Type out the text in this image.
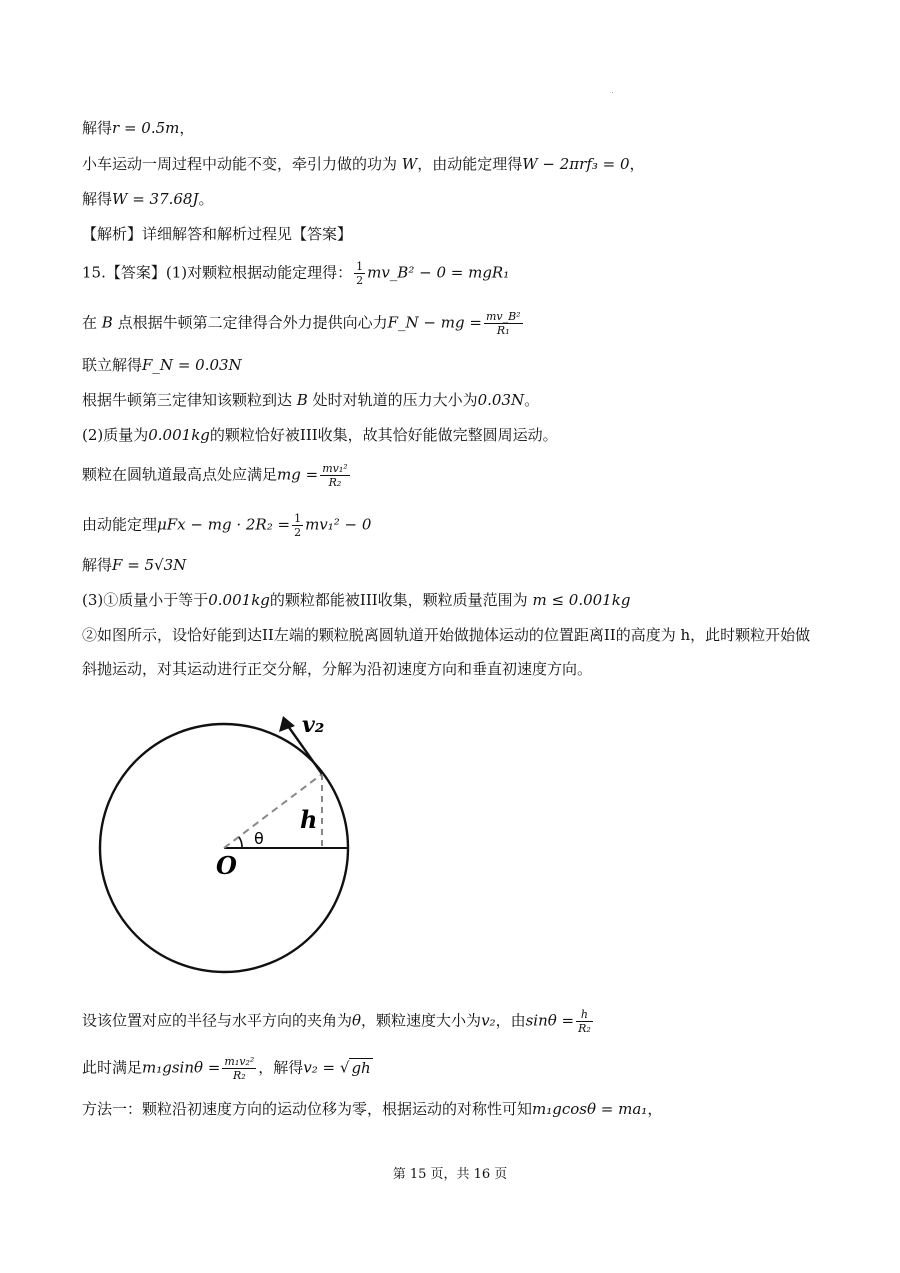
解得r = 0.5m，
小车运动一周过程中动能不变，牵引力做的功为 W，由动能定理得W − 2πrf₃ = 0，
解得W = 37.68J。
【解析】详细解答和解析过程见【答案】
15.【答案】(1)对颗粒根据动能定理得： $\frac{1}{2}$ mv_B² − 0 = mgR₁
在 B 点根据牛顿第二定律得合外力提供向心力F_N − mg = $\frac{\text{mv\_B²}}{\text{R₁}}$
联立解得F_N = 0.03N
根据牛顿第三定律知该颗粒到达 B 处时对轨道的压力大小为0.03N。
(2)质量为0.001kg的颗粒恰好被III收集，故其恰好能做完整圆周运动。
颗粒在圆轨道最高点处应满足mg = $\frac{\text{mv₁²}}{\text{R₂}}$
由动能定理μFx − mg · $2R_2 = \frac{1}{2} mv_1^2 - 0$
解得F = 5√3N
(3)①质量小于等于0.001kg的颗粒都能被III收集，颗粒质量范围为 m ≤ 0.001kg
②如图所示，设恰好能到达II左端的颗粒脱离圆轨道开始做抛体运动的位置距离II的高度为 h，此时颗粒开始做斜抛运动，对其运动进行正交分解，分解为沿初速度方向和垂直初速度方向。
v₂
h
θ
O
设该位置对应的半径与水平方向的夹角为θ，颗粒速度大小为v₂，由$\sin\theta = \frac{h}{\text{R₂}}$
此时满足$m_1gsin\theta = \frac{\text{m₁v₂²}}{\text{R₂}}$ ，解得v₂ = √ gh
方法一：颗粒沿初速度方向的运动位移为零，根据运动的对称性可知m₁gcosθ = ma₁，
第 15 页，共 16 页
